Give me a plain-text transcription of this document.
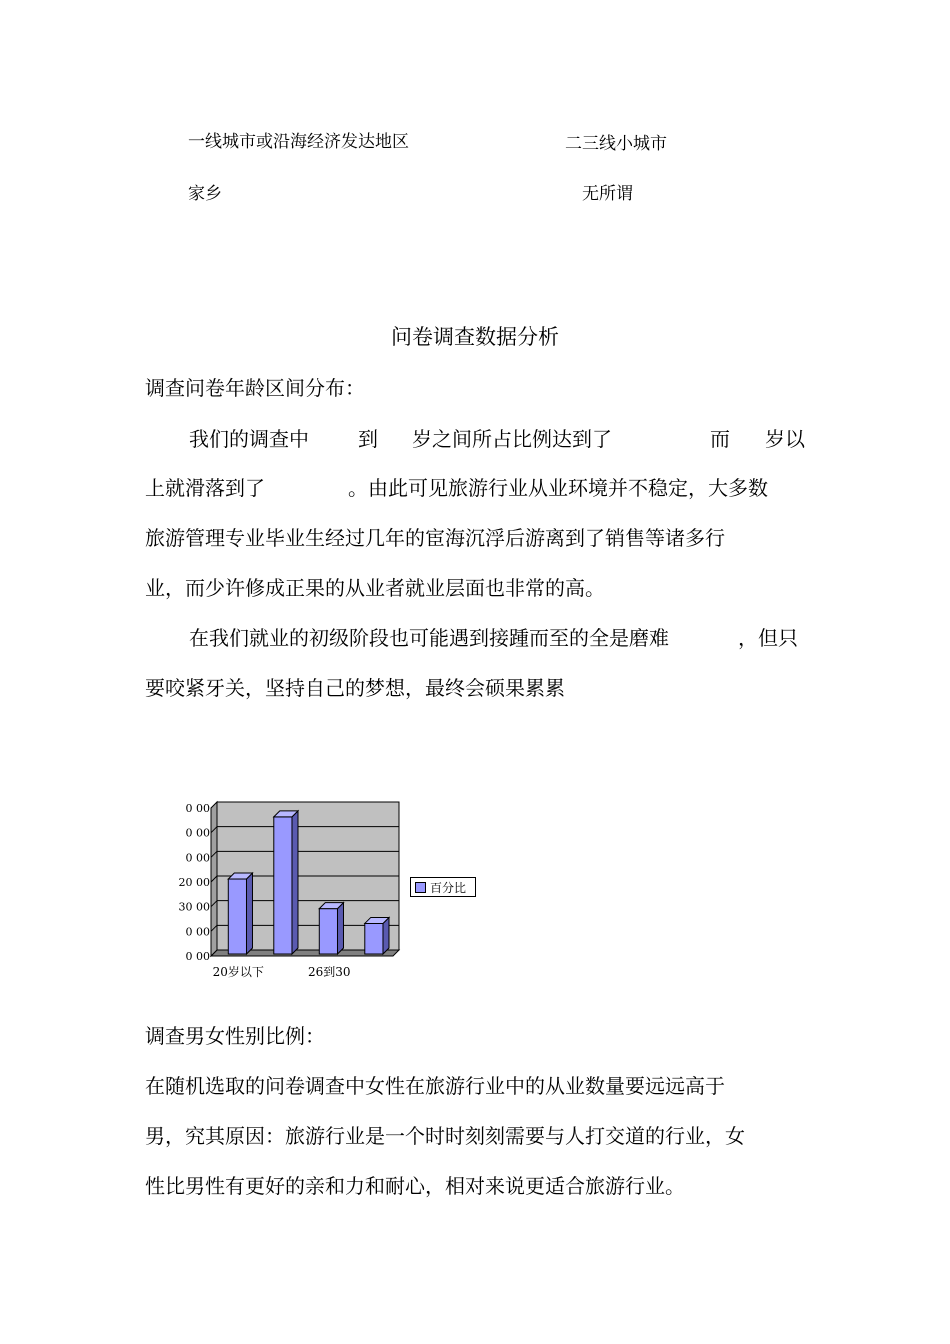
一线城市或沿海经济发达地区	二三线小城市
家乡	无所谓
问卷调查数据分析
调查问卷年龄区间分布：
我们的调查中 到 岁之间所占比例达到了	而 岁以
上就滑落到了	。由此可见旅游行业从业环境并不稳定，大多数
旅游管理专业毕业生经过几年的宦海沉浮后游离到了销售等诸多行
业，而少许修成正果的从业者就业层面也非常的高。
在我们就业的初级阶段也可能遇到接踵而至的全是磨难	，但只
要咬紧牙关，坚持自己的梦想，最终会硕果累累
0 00
0 00
30 00
20 00
0 00
0 00
0 00
20岁以下	26到30
百分比
调查男女性别比例：
在随机选取的问卷调查中女性在旅游行业中的从业数量要远远高于
男，究其原因：旅游行业是一个时时刻刻需要与人打交道的行业，女
性比男性有更好的亲和力和耐心，相对来说更适合旅游行业。
